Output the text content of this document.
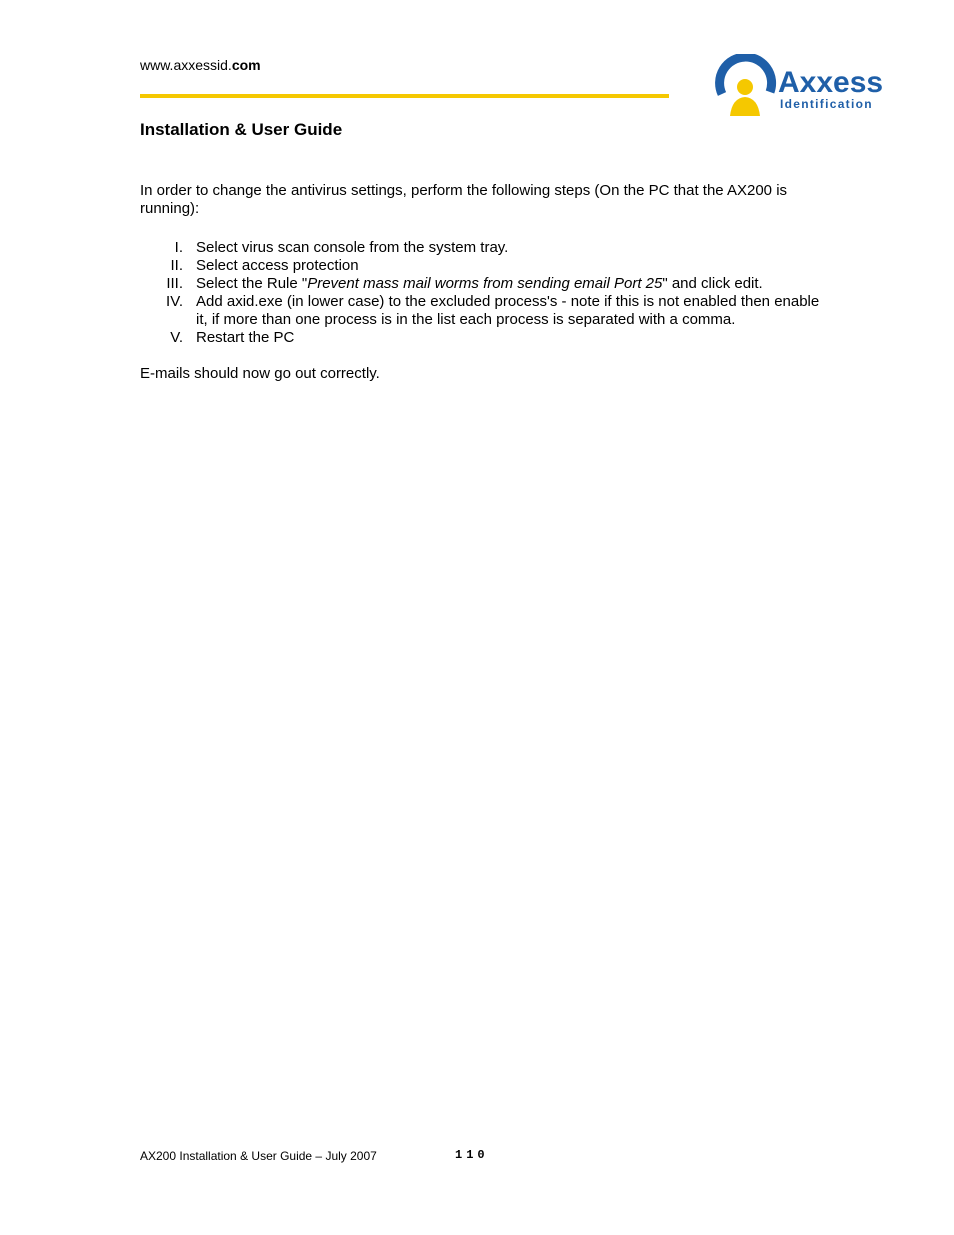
www.axxessid.com
Axxess
Identification
Installation & User Guide
In order to change the antivirus settings, perform the following steps (On the PC that the AX200 is running):
I. Select virus scan console from the system tray.
II. Select access protection
III. Select the Rule "Prevent mass mail worms from sending email Port 25" and click edit.
IV. Add axid.exe (in lower case) to the excluded process's - note if this is not enabled then enable it, if more than one process is in the list each process is separated with a comma.
V. Restart the PC
E-mails should now go out correctly.
AX200 Installation & User Guide – July 2007	110
